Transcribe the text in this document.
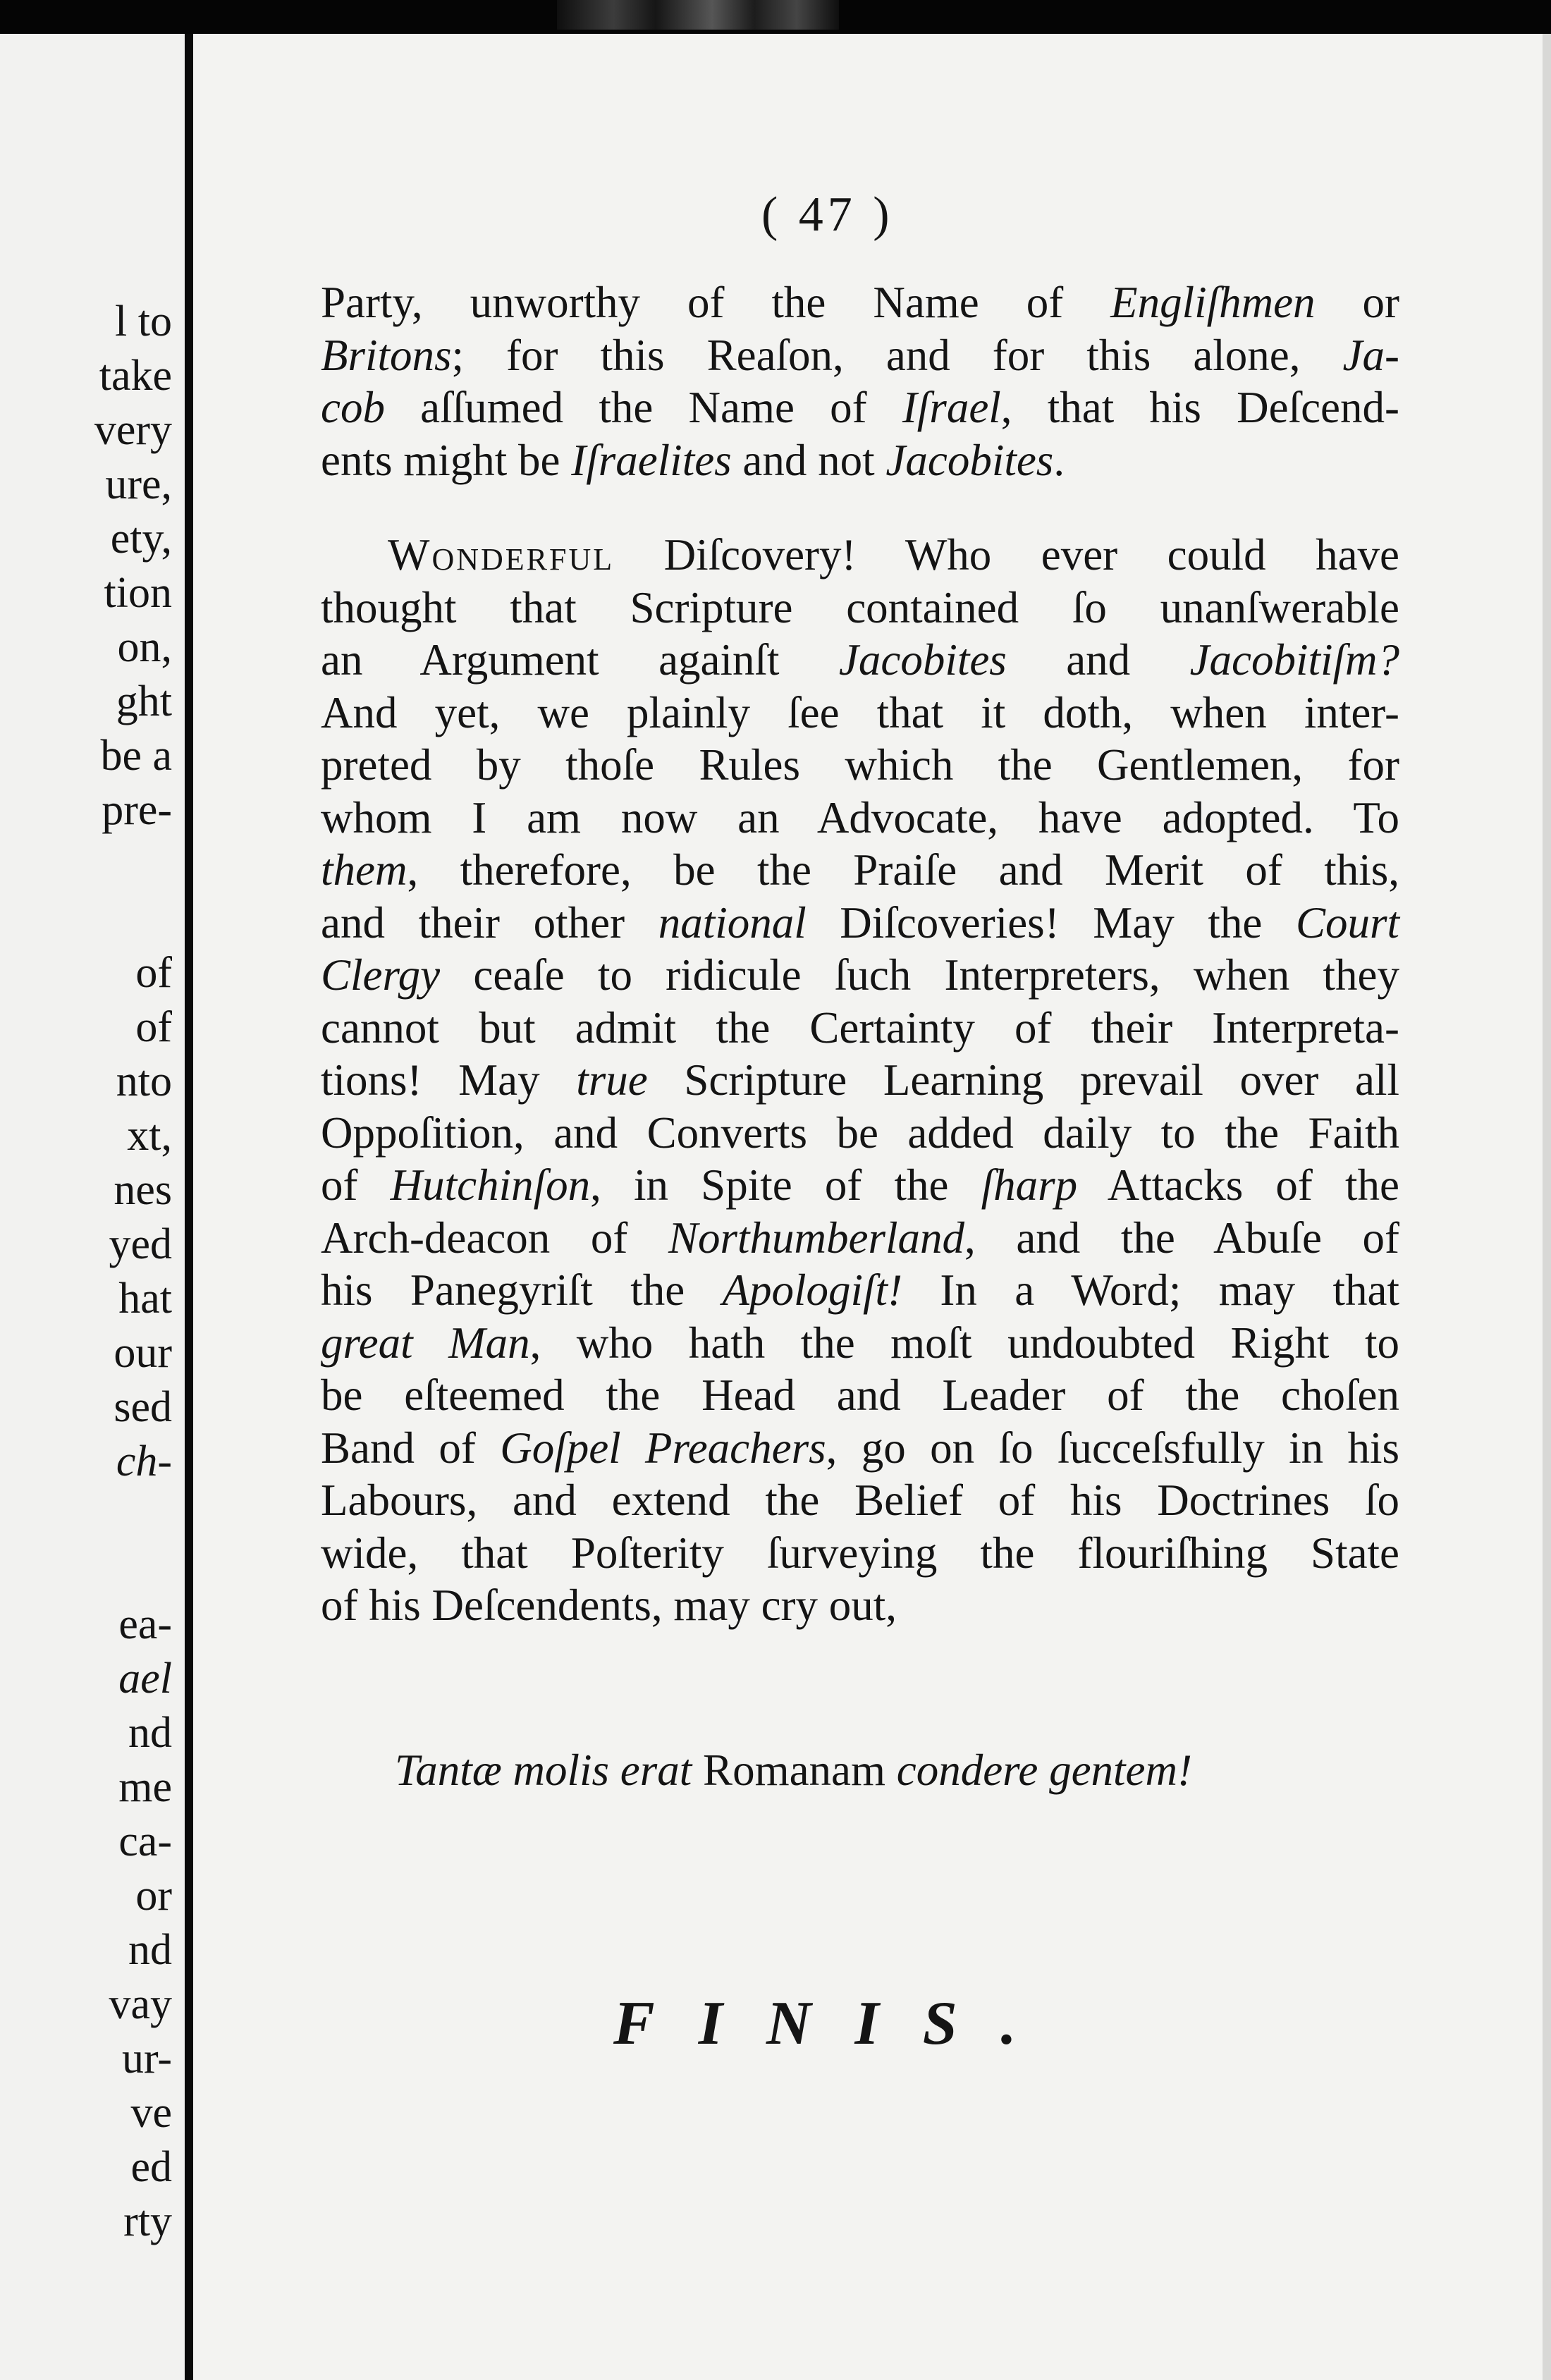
l to
take
very
ure,
ety,
tion
on,
ght
be a
pre-
of
of
nto
xt,
nes
yed
hat
our
sed
ch-
ea-
ael
nd
me
ca-
or
nd
vay
ur-
ve
ed
rty
( 47 )
Party, unworthy of the Name of Engliſhmen or
Britons; for this Reaſon, and for this alone, Ja-
cob aſſumed the Name of Iſrael, that his Deſcend-
ents might be Iſraelites and not Jacobites.
Wonderful Diſcovery! Who ever could have
thought that Scripture contained ſo unanſwerable
an Argument againſt Jacobites and Jacobitiſm?
And yet, we plainly ſee that it doth, when inter-
preted by thoſe Rules which the Gentlemen, for
whom I am now an Advocate, have adopted. To
them, therefore, be the Praiſe and Merit of this,
and their other national Diſcoveries! May the Court
Clergy ceaſe to ridicule ſuch Interpreters, when they
cannot but admit the Certainty of their Interpreta-
tions! May true Scripture Learning prevail over all
Oppoſition, and Converts be added daily to the Faith
of Hutchinſon, in Spite of the ſharp Attacks of the
Arch-deacon of Northumberland, and the Abuſe of
his Panegyriſt the Apologiſt! In a Word; may that
great Man, who hath the moſt undoubted Right to
be eſteemed the Head and Leader of the choſen
Band of Goſpel Preachers, go on ſo ſucceſsfully in his
Labours, and extend the Belief of his Doctrines ſo
wide, that Poſterity ſurveying the flouriſhing State
of his Deſcendents, may cry out,
Tantæ molis erat Romanam condere gentem!
FINIS.
